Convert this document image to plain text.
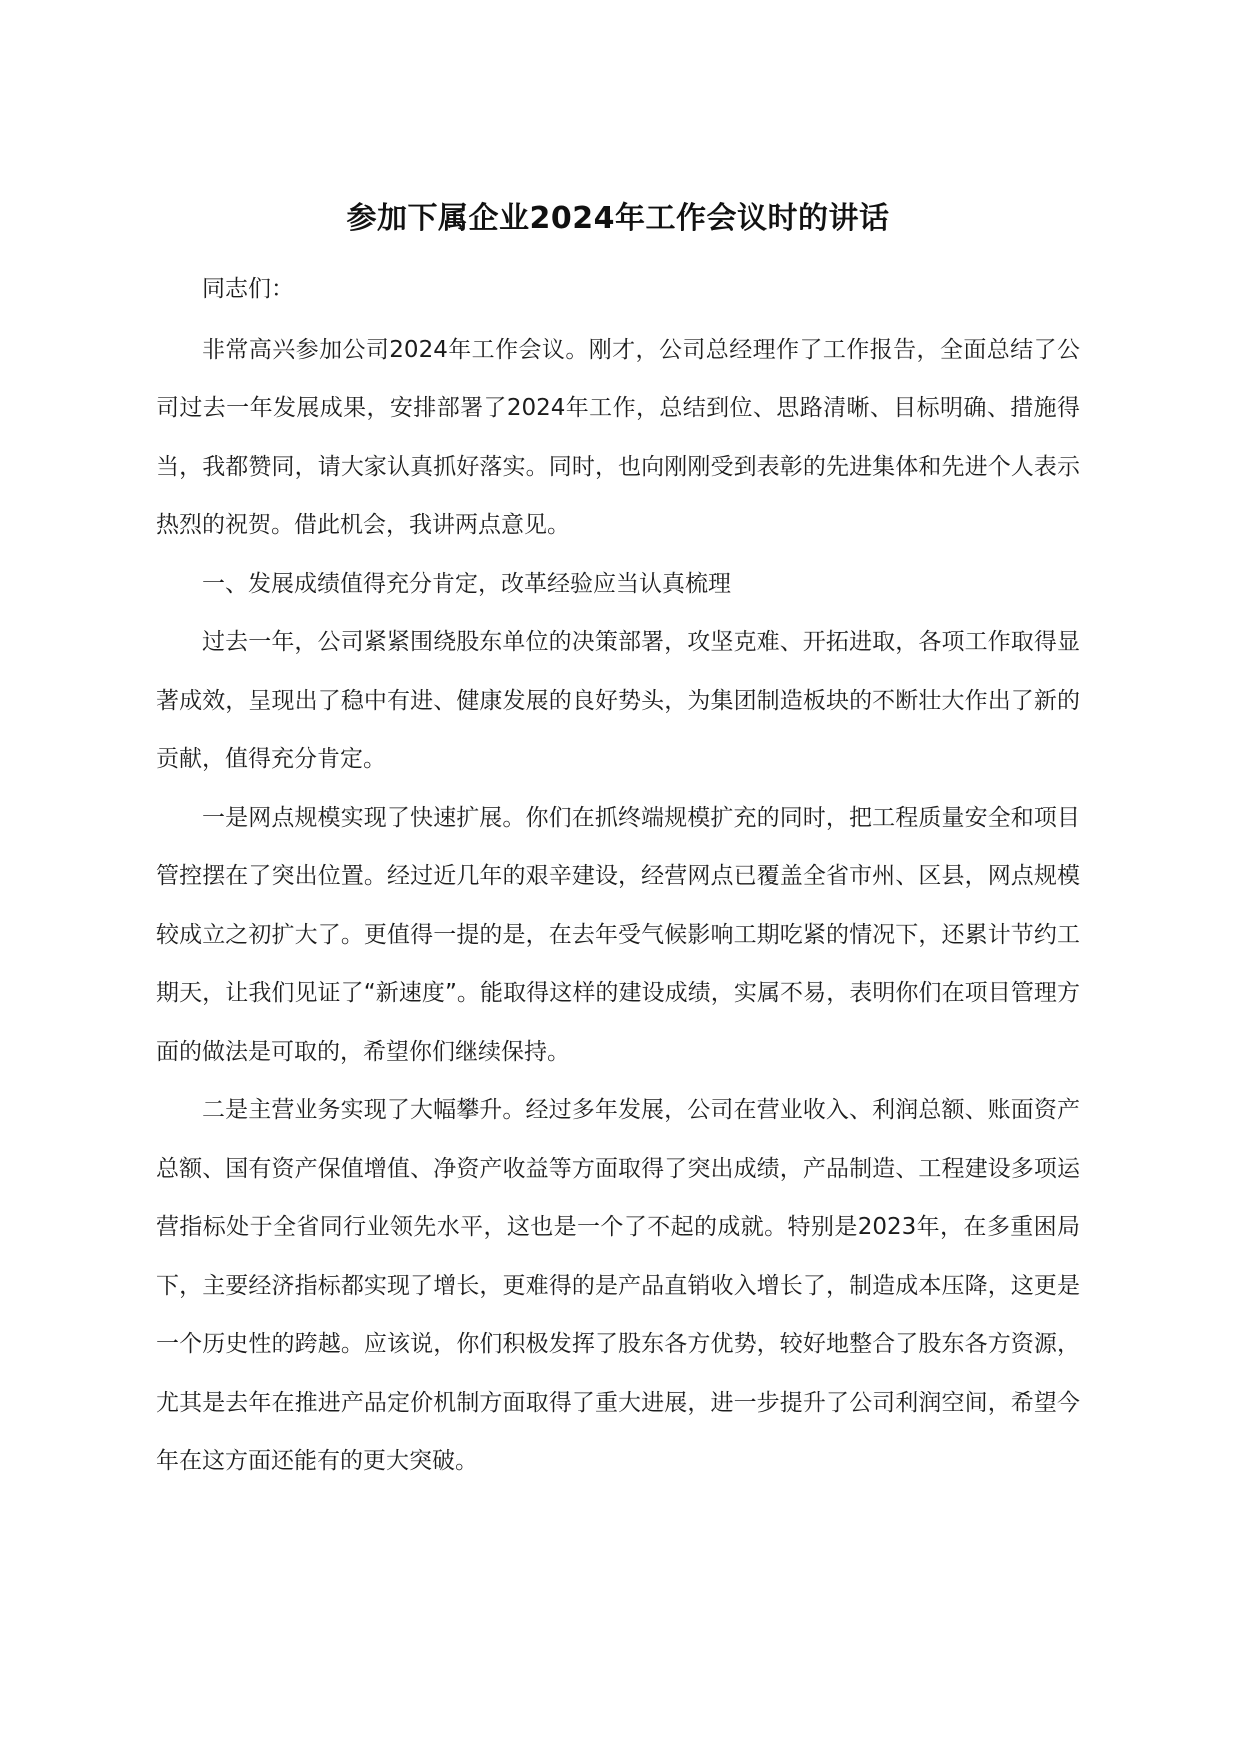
参加下属企业2024年工作会议时的讲话

同志们：

非常高兴参加公司2024年工作会议。刚才，公司总经理作了工作报告，全面总结了公司过去一年发展成果，安排部署了2024年工作，总结到位、思路清晰、目标明确、措施得当，我都赞同，请大家认真抓好落实。同时，也向刚刚受到表彰的先进集体和先进个人表示热烈的祝贺。借此机会，我讲两点意见。

一、发展成绩值得充分肯定，改革经验应当认真梳理

过去一年，公司紧紧围绕股东单位的决策部署，攻坚克难、开拓进取，各项工作取得显著成效，呈现出了稳中有进、健康发展的良好势头，为集团制造板块的不断壮大作出了新的贡献，值得充分肯定。

一是网点规模实现了快速扩展。你们在抓终端规模扩充的同时，把工程质量安全和项目管控摆在了突出位置。经过近几年的艰辛建设，经营网点已覆盖全省市州、区县，网点规模较成立之初扩大了。更值得一提的是，在去年受气候影响工期吃紧的情况下，还累计节约工期天，让我们见证了“新速度”。能取得这样的建设成绩，实属不易，表明你们在项目管理方面的做法是可取的，希望你们继续保持。

二是主营业务实现了大幅攀升。经过多年发展，公司在营业收入、利润总额、账面资产总额、国有资产保值增值、净资产收益等方面取得了突出成绩，产品制造、工程建设多项运营指标处于全省同行业领先水平，这也是一个了不起的成就。特别是2023年，在多重困局下，主要经济指标都实现了增长，更难得的是产品直销收入增长了，制造成本压降，这更是一个历史性的跨越。应该说，你们积极发挥了股东各方优势，较好地整合了股东各方资源，尤其是去年在推进产品定价机制方面取得了重大进展，进一步提升了公司利润空间，希望今年在这方面还能有的更大突破。
